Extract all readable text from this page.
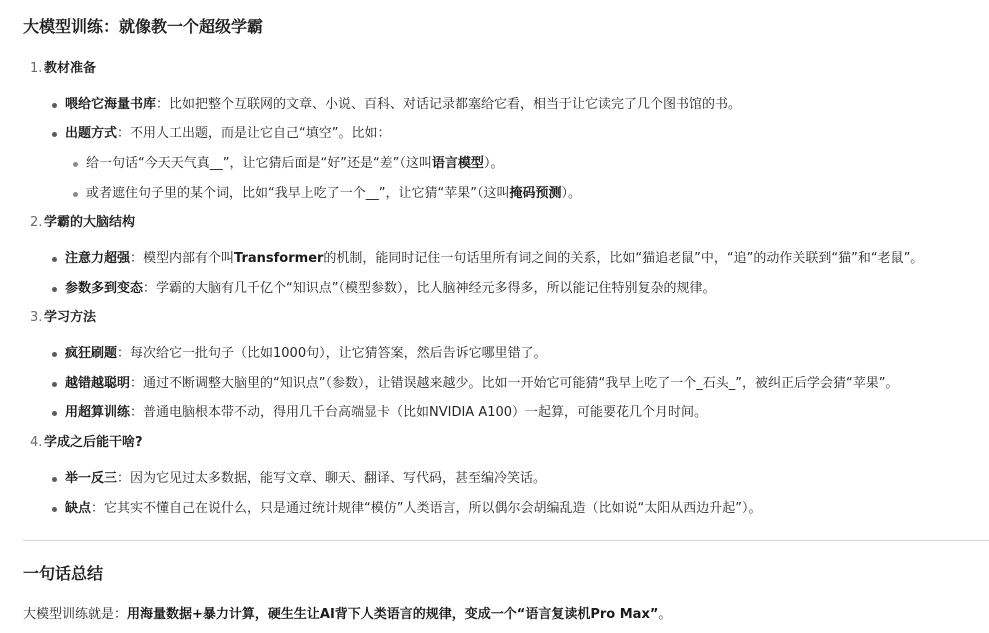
大模型训练：就像教一个超级学霸
1. 教材准备
喂给它海量书库：比如把整个互联网的文章、小说、百科、对话记录都塞给它看，相当于让它读完了几个图书馆的书。
出题方式：不用人工出题，而是让它自己“填空”。比如：
给一句话“今天天气真__”，让它猜后面是“好”还是“差”（这叫语言模型）。
或者遮住句子里的某个词，比如“我早上吃了一个__”，让它猜“苹果”（这叫掩码预测）。
2. 学霸的大脑结构
注意力超强：模型内部有个叫Transformer的机制，能同时记住一句话里所有词之间的关系，比如“猫追老鼠”中，“追”的动作关联到“猫”和“老鼠”。
参数多到变态：学霸的大脑有几千亿个“知识点”（模型参数），比人脑神经元多得多，所以能记住特别复杂的规律。
3. 学习方法
疯狂刷题：每次给它一批句子（比如1000句），让它猜答案，然后告诉它哪里错了。
越错越聪明：通过不断调整大脑里的“知识点”（参数），让错误越来越少。比如一开始它可能猜“我早上吃了一个_石头_”，被纠正后学会猜“苹果”。
用超算训练：普通电脑根本带不动，得用几千台高端显卡（比如NVIDIA A100）一起算，可能要花几个月时间。
4. 学成之后能干啥?
举一反三：因为它见过太多数据，能写文章、聊天、翻译、写代码，甚至编冷笑话。
缺点：它其实不懂自己在说什么，只是通过统计规律“模仿”人类语言，所以偶尔会胡编乱造（比如说“太阳从西边升起”）。
一句话总结
大模型训练就是：用海量数据+暴力计算，硬生生让AI背下人类语言的规律，变成一个“语言复读机Pro Max”。
